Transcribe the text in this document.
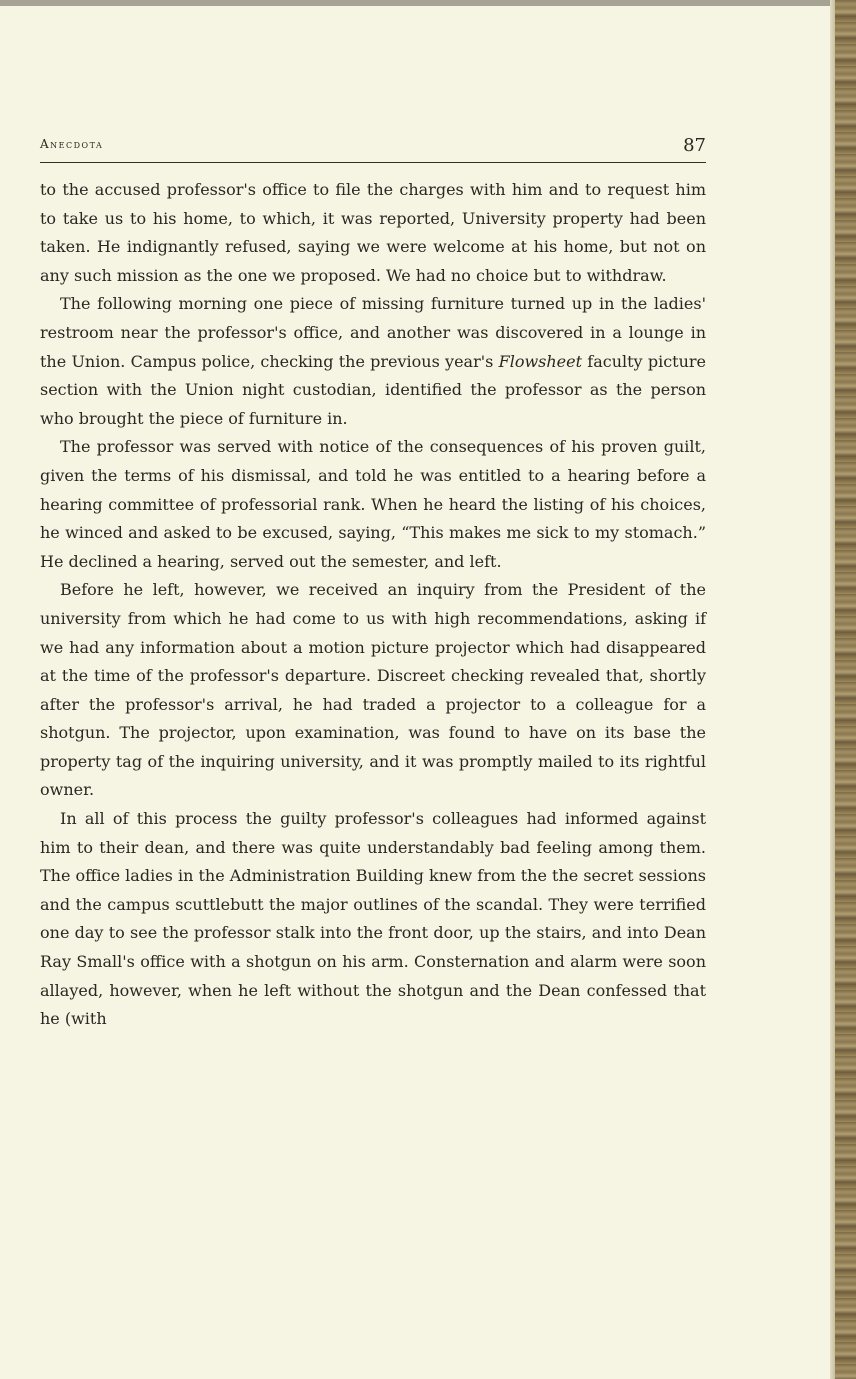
Anecdota	87

to the accused professor's office to file the charges with him and to request him to take us to his home, to which, it was reported, University property had been taken. He indignantly refused, saying we were welcome at his home, but not on any such mission as the one we proposed. We had no choice but to withdraw.

The following morning one piece of missing furniture turned up in the ladies' restroom near the professor's office, and another was discovered in a lounge in the Union. Campus police, checking the previous year's Flowsheet faculty picture section with the Union night custodian, identified the professor as the person who brought the piece of furniture in.

The professor was served with notice of the consequences of his proven guilt, given the terms of his dismissal, and told he was entitled to a hearing before a hearing committee of professorial rank. When he heard the listing of his choices, he winced and asked to be excused, saying, “This makes me sick to my stomach.” He declined a hearing, served out the semester, and left.

Before he left, however, we received an inquiry from the President of the university from which he had come to us with high recommendations, asking if we had any information about a motion picture projector which had disappeared at the time of the professor's departure. Discreet checking revealed that, shortly after the professor's arrival, he had traded a projector to a colleague for a shotgun. The projector, upon examination, was found to have on its base the property tag of the inquiring university, and it was promptly mailed to its rightful owner.

In all of this process the guilty professor's colleagues had informed against him to their dean, and there was quite understandably bad feeling among them. The office ladies in the Administration Building knew from the the secret sessions and the campus scuttlebutt the major outlines of the scandal. They were terrified one day to see the professor stalk into the front door, up the stairs, and into Dean Ray Small's office with a shotgun on his arm. Consternation and alarm were soon allayed, however, when he left without the shotgun and the Dean confessed that he (with
